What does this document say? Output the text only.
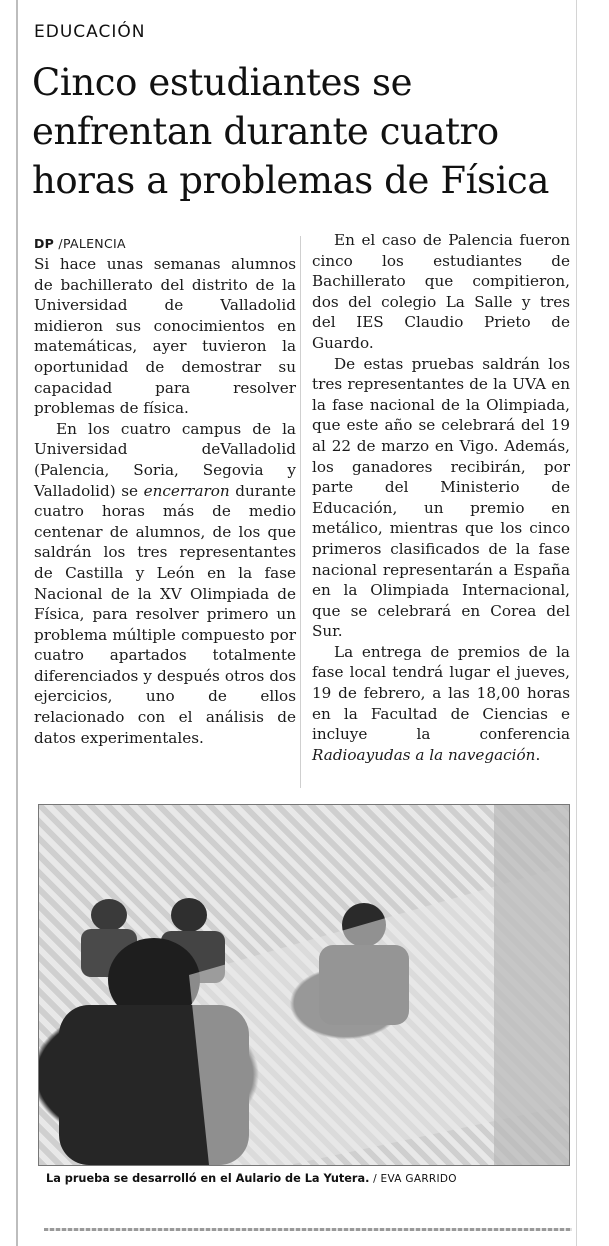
EDUCACIÓN
Cinco estudiantes se enfrentan durante cuatro horas a problemas de Física
DP /PALENCIA

Si hace unas semanas alumnos de bachillerato del distrito de la Universidad de Valladolid midieron sus conocimientos en matemáticas, ayer tuvieron la oportunidad de demostrar su capacidad para resolver problemas de física.

En los cuatro campus de la Universidad deValladolid (Palencia, Soria, Segovia y Valladolid) se encerraron durante cuatro horas más de medio centenar de alumnos, de los que saldrán los tres representantes de Castilla y León en la fase Nacional de la XV Olimpiada de Física, para resolver primero un problema múltiple compuesto por cuatro apartados totalmente diferenciados y después otros dos ejercicios, uno de ellos relacionado con el análisis de datos experimentales.

En el caso de Palencia fueron cinco los estudiantes de Bachillerato que compitieron, dos del colegio La Salle y tres del IES Claudio Prieto de Guardo.

De estas pruebas saldrán los tres representantes de la UVA en la fase nacional de la Olimpiada, que este año se celebrará del 19 al 22 de marzo en Vigo. Además, los ganadores recibirán, por parte del Ministerio de Educación, un premio en metálico, mientras que los cinco primeros clasificados de la fase nacional representarán a España en la Olimpiada Internacional, que se celebrará en Corea del Sur.

La entrega de premios de la fase local tendrá lugar el jueves, 19 de febrero, a las 18,00 horas en la Facultad de Ciencias e incluye la conferencia Radioayudas a la navegación.

La prueba se desarrolló en el Aulario de La Yutera. / EVA GARRIDO
